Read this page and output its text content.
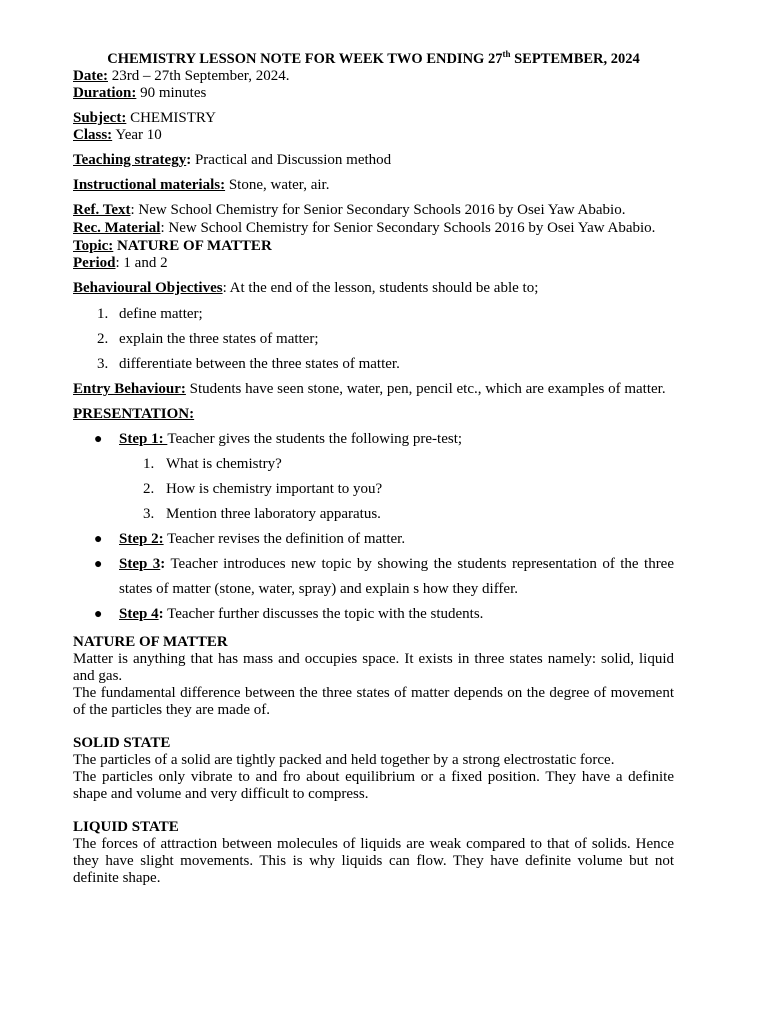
CHEMISTRY LESSON NOTE FOR WEEK TWO ENDING 27th SEPTEMBER, 2024

Date: 23rd – 27th September, 2024.

Duration: 90 minutes

Subject: CHEMISTRY

Class: Year 10

Teaching strategy: Practical and Discussion method

Instructional materials: Stone, water, air.

Ref. Text: New School Chemistry for Senior Secondary Schools 2016 by Osei Yaw Ababio.

Rec. Material: New School Chemistry for Senior Secondary Schools 2016 by Osei Yaw Ababio.

Topic: NATURE OF MATTER

Period: 1 and 2

Behavioural Objectives: At the end of the lesson, students should be able to;

1. define matter;
2. explain the three states of matter;
3. differentiate between the three states of matter.

Entry Behaviour: Students have seen stone, water, pen, pencil etc., which are examples of matter.

PRESENTATION:

● Step 1: Teacher gives the students the following pre-test;
1. What is chemistry?
2. How is chemistry important to you?
3. Mention three laboratory apparatus.
● Step 2: Teacher revises the definition of matter.
● Step 3: Teacher introduces new topic by showing the students representation of the three states of matter (stone, water, spray) and explain s how they differ.
● Step 4: Teacher further discusses the topic with the students.

NATURE OF MATTER

Matter is anything that has mass and occupies space. It exists in three states namely: solid, liquid and gas.

The fundamental difference between the three states of matter depends on the degree of movement of the particles they are made of.

SOLID STATE

The particles of a solid are tightly packed and held together by a strong electrostatic force.

The particles only vibrate to and fro about equilibrium or a fixed position. They have a definite shape and volume and very difficult to compress.

LIQUID STATE

The forces of attraction between molecules of liquids are weak compared to that of solids. Hence they have slight movements. This is why liquids can flow. They have definite volume but not definite shape.
